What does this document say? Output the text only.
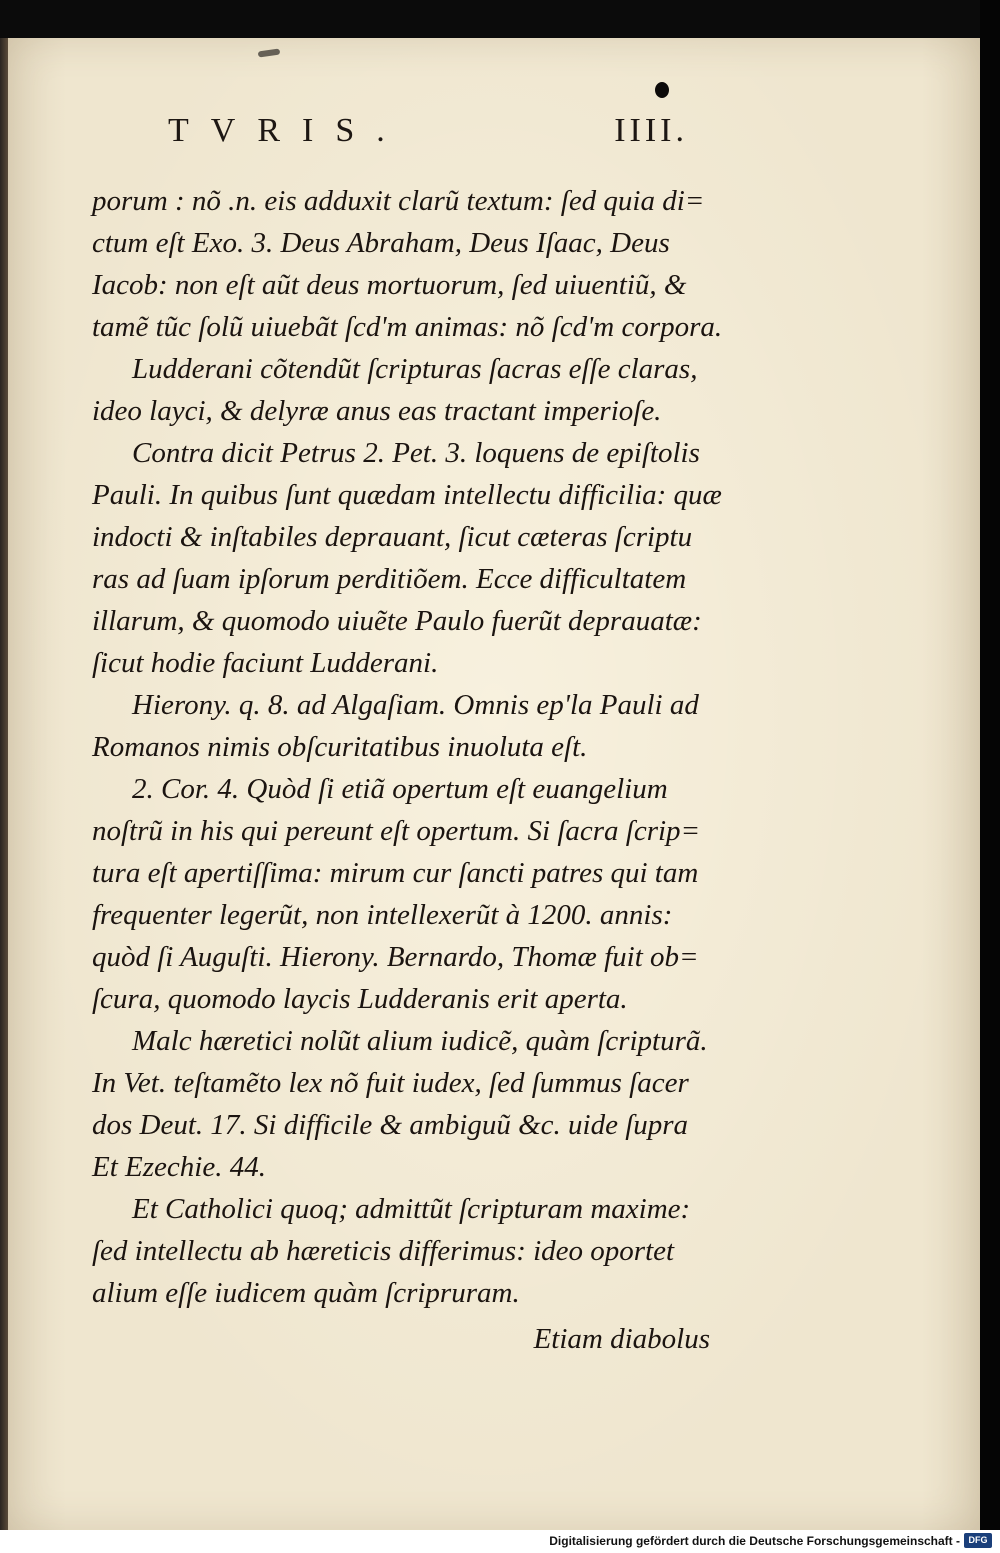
TVRIS.	IIII.
porum : nõ .n. eis adduxit clarũ textum: ſed quia di=
ctum eſt Exo. 3. Deus Abraham, Deus Iſaac, Deus
Iacob: non eſt aũt deus mortuorum, ſed uiuentiũ, &
tamẽ tũc ſolũ uiuebãt ſcd'm animas: nõ ſcd'm corpora.
Ludderani cõtendũt ſcripturas ſacras eſſe claras,
ideo layci, & delyræ anus eas tractant imperioſe.
Contra dicit Petrus 2. Pet. 3. loquens de epiſtolis
Pauli. In quibus ſunt quædam intellectu difficilia: quæ
indocti & inſtabiles deprauant, ſicut cæteras ſcriptu
ras ad ſuam ipſorum perditiõem. Ecce difficultatem
illarum, & quomodo uiuẽte Paulo fuerũt deprauatæ:
ſicut hodie faciunt Ludderani.
Hierony. q. 8. ad Algaſiam. Omnis ep'la Pauli ad
Romanos nimis obſcuritatibus inuoluta eſt.
2. Cor. 4. Quòd ſi etiã opertum eſt euangelium
noſtrũ in his qui pereunt eſt opertum. Si ſacra ſcrip=
tura eſt apertiſſima: mirum cur ſancti patres qui tam
frequenter legerũt, non intellexerũt à 1200. annis:
quòd ſi Auguſti. Hierony. Bernardo, Thomæ fuit ob=
ſcura, quomodo laycis Ludderanis erit aperta.
Malc hæretici nolũt alium iudicẽ, quàm ſcripturã.
In Vet. teſtamẽto lex nõ fuit iudex, ſed ſummus ſacer
dos Deut. 17. Si difficile & ambiguũ &c. uide ſupra
Et Ezechie. 44.
Et Catholici quoq; admittũt ſcripturam maxime:
ſed intellectu ab hæreticis differimus: ideo oportet
alium eſſe iudicem quàm ſcripruram.
Etiam diabolus
Digitalisierung gefördert durch die Deutsche Forschungsgemeinschaft - DFG
